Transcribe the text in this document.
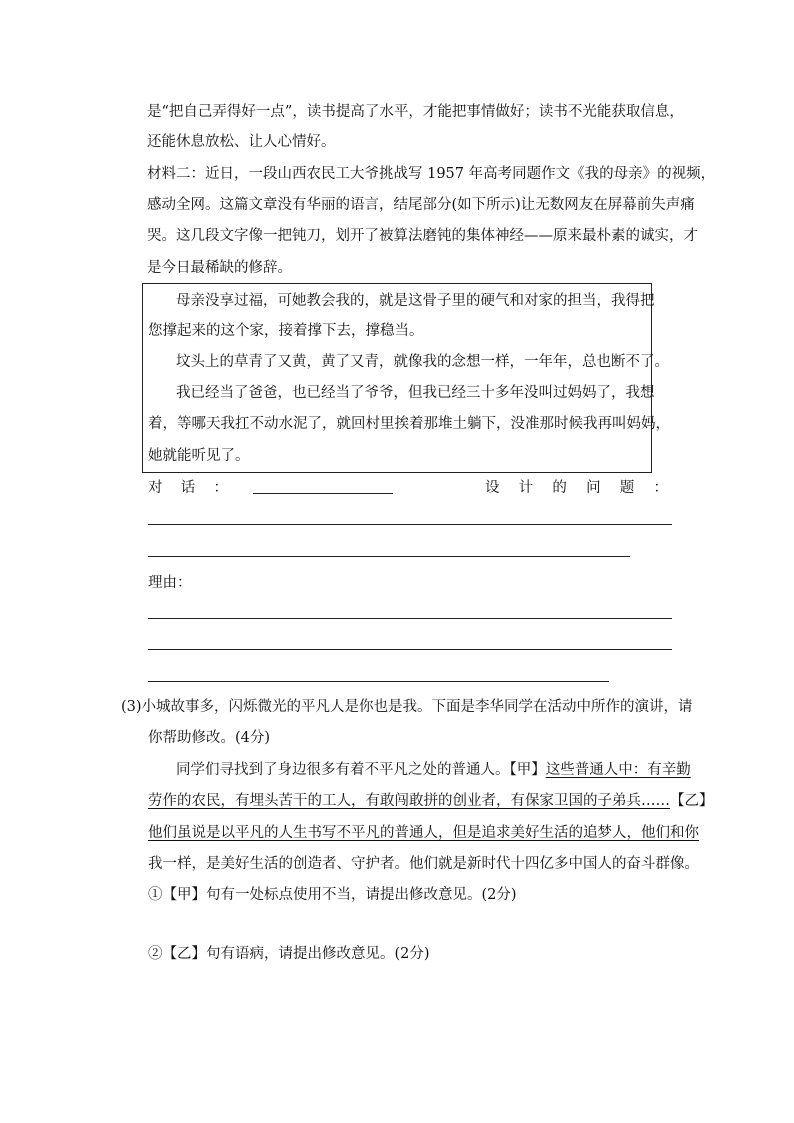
是“把自己弄得好一点”，读书提高了水平，才能把事情做好；读书不光能获取信息，
还能休息放松、让人心情好。
材料二：近日，一段山西农民工大爷挑战写 1957 年高考同题作文《我的母亲》的视频，
感动全网。这篇文章没有华丽的语言，结尾部分(如下所示)让无数网友在屏幕前失声痛
哭。这几段文字像一把钝刀，划开了被算法磨钝的集体神经——原来最朴素的诚实，才
是今日最稀缺的修辞。
母亲没享过福，可她教会我的，就是这骨子里的硬气和对家的担当，我得把
您撑起来的这个家，接着撑下去，撑稳当。
坟头上的草青了又黄，黄了又青，就像我的念想一样，一年年，总也断不了。
我已经当了爸爸，也已经当了爷爷，但我已经三十多年没叫过妈妈了，我想
着，等哪天我扛不动水泥了，就回村里挨着那堆土躺下，没准那时候我再叫妈妈，
她就能听见了。
对 话 ：	设 计 的 问 题 ：
理由：
(3)小城故事多，闪烁微光的平凡人是你也是我。下面是李华同学在活动中所作的演讲，请
你帮助修改。(4分)
同学们寻找到了身边很多有着不平凡之处的普通人。【甲】这些普通人中：有辛勤
劳作的农民，有埋头苦干的工人，有敢闯敢拼的创业者，有保家卫国的子弟兵……【乙】
他们虽说是以平凡的人生书写不平凡的普通人，但是追求美好生活的追梦人，他们和你
我一样，是美好生活的创造者、守护者。他们就是新时代十四亿多中国人的奋斗群像。
①【甲】句有一处标点使用不当，请提出修改意见。(2分)
②【乙】句有语病，请提出修改意见。(2分)
